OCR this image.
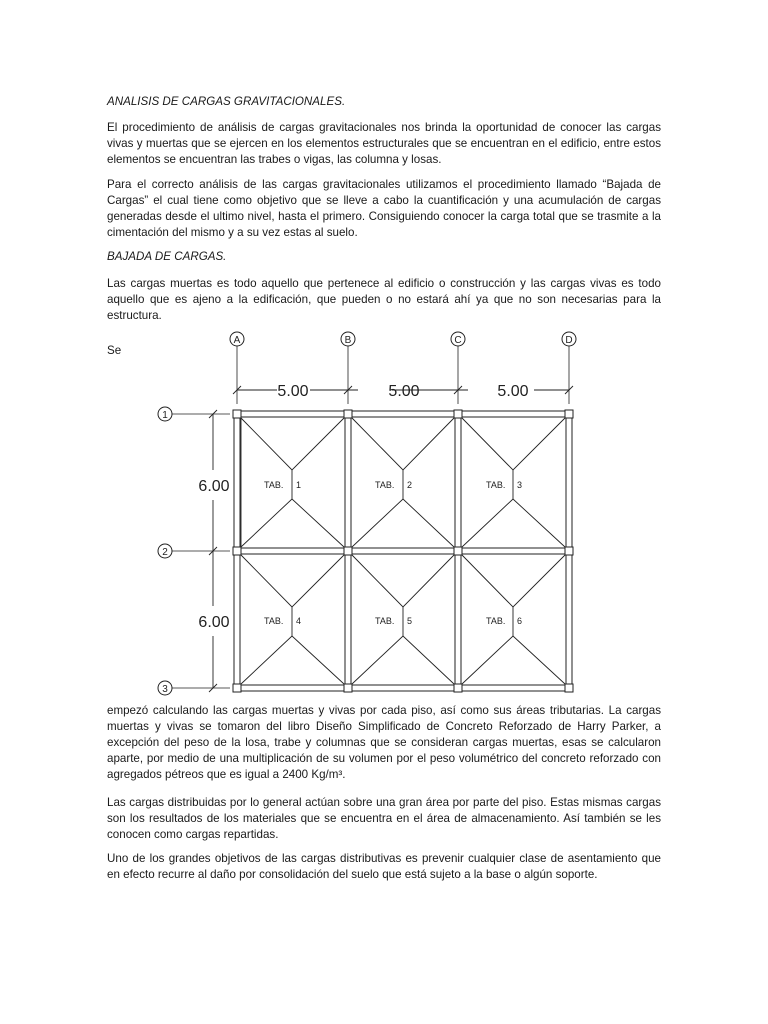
ANALISIS DE CARGAS GRAVITACIONALES.
El procedimiento de análisis de cargas gravitacionales nos brinda la oportunidad de conocer las cargas vivas y muertas que se ejercen en los elementos estructurales que se encuentran en el edificio, entre estos elementos se encuentran las trabes o vigas, las columna y losas.
Para el correcto análisis de las cargas gravitacionales utilizamos el procedimiento llamado “Bajada de Cargas” el cual tiene como objetivo que se lleve a cabo la cuantificación y una acumulación de cargas generadas desde el ultimo nivel, hasta el primero. Consiguiendo conocer la carga total que se trasmite a la cimentación del mismo y a su vez estas al suelo.
BAJADA DE CARGAS.
Las cargas muertas es todo aquello que pertenece al edificio o construcción y las cargas vivas es todo aquello que es ajeno a la edificación, que pueden o no estará ahí ya que no son necesarias para la estructura.
Se
A	B	C	D
1
2
3
5.00	5.00	5.00
6.00
6.00
TAB. 1	TAB. 2	TAB. 3
TAB. 4	TAB. 5	TAB. 6
empezó calculando las cargas muertas y vivas por cada piso, así como sus áreas tributarias. La cargas muertas y vivas se tomaron del libro Diseño Simplificado de Concreto Reforzado de Harry Parker, a excepción del peso de la losa, trabe y columnas que se consideran cargas muertas, esas se calcularon aparte, por medio de una multiplicación de su volumen por el peso volumétrico del concreto reforzado con agregados pétreos que es igual a 2400 Kg/m³.
Las cargas distribuidas por lo general actúan sobre una gran área por parte del piso. Estas mismas cargas son los resultados de los materiales que se encuentra en el área de almacenamiento. Así también se les conocen como cargas repartidas.
Uno de los grandes objetivos de las cargas distributivas es prevenir cualquier clase de asentamiento que en efecto recurre al daño por consolidación del suelo que está sujeto a la base o algún soporte.
